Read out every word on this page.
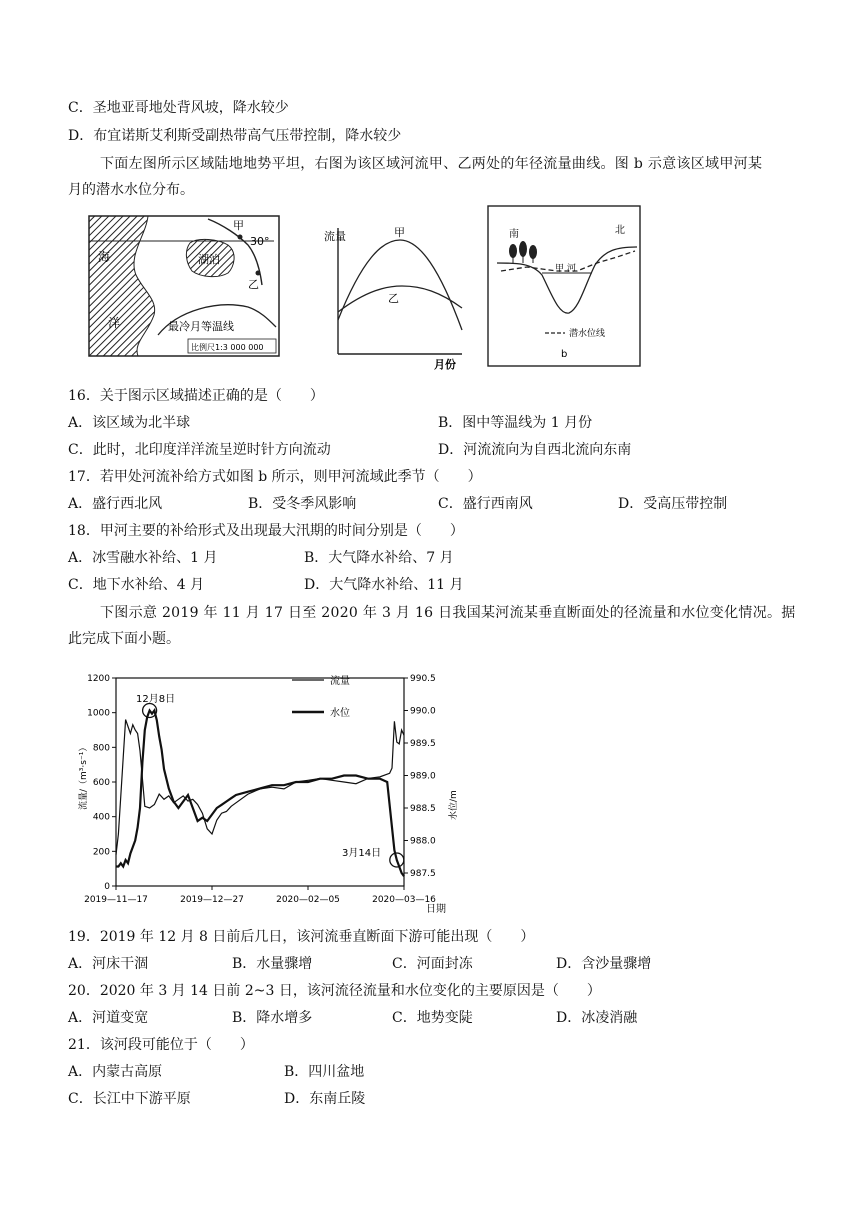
C．圣地亚哥地处背风坡，降水较少
D．布宜诺斯艾利斯受副热带高气压带控制，降水较少
下面左图所示区域陆地地势平坦，右图为该区域河流甲、乙两处的年径流量曲线。图 b 示意该区域甲河某
月的潜水水位分布。
甲
30°
乙
海
洋
湖泊
最冷月等温线
比例尺1:3 000 000
流量
月份
甲
乙
南	北
甲 河
潜水位线
b
16．关于图示区域描述正确的是（　　）
A．该区域为北半球	B．图中等温线为 1 月份
C．此时，北印度洋洋流呈逆时针方向流动	D．河流流向为自西北流向东南
17．若甲处河流补给方式如图 b 所示，则甲河流域此季节（　　）
A．盛行西北风	B．受冬季风影响	C．盛行西南风	D．受高压带控制
18．甲河主要的补给形式及出现最大汛期的时间分别是（　　）
A．冰雪融水补给、1 月	B．大气降水补给、7 月
C．地下水补给、4 月	D．大气降水补给、11 月
下图示意 2019 年 11 月 17 日至 2020 年 3 月 16 日我国某河流某垂直断面处的径流量和水位变化情况。据
此完成下面小题。
流量/（m³·s⁻¹）	水位/m
日期
流量
水位
12月8日
3月14日
0
200
400
600
800
1000
1200
987.5
988.0
988.5
989.0
989.5
990.0
990.5
2019—11—17	2019—12—27	2020—02—05	2020—03—16
19．2019 年 12 月 8 日前后几日，该河流垂直断面下游可能出现（　　）
A．河床干涸	B．水量骤增	C．河面封冻	D．含沙量骤增
20．2020 年 3 月 14 日前 2~3 日，该河流径流量和水位变化的主要原因是（　　）
A．河道变宽	B．降水增多	C．地势变陡	D．冰凌消融
21．该河段可能位于（　　）
A．内蒙古高原	B．四川盆地
C．长江中下游平原	D．东南丘陵
